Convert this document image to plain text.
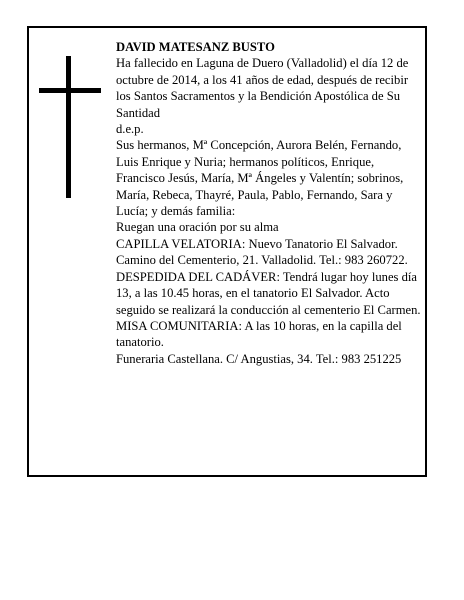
DAVID MATESANZ BUSTO

Ha fallecido en Laguna de Duero (Valladolid) el día 12 de octubre de 2014, a los 41 años de edad, después de recibir los Santos Sacramentos y la Bendición Apostólica de Su Santidad

d.e.p.

Sus hermanos, Mª Concepción, Aurora Belén, Fernando, Luis Enrique y Nuria; hermanos políticos, Enrique, Francisco Jesús, María, Mª Ángeles y Valentín; sobrinos, María, Rebeca, Thayré, Paula, Pablo, Fernando, Sara y Lucía; y demás familia:

Ruegan una oración por su alma

CAPILLA VELATORIA: Nuevo Tanatorio El Salvador. Camino del Cementerio, 21. Valladolid. Tel.: 983 260722.

DESPEDIDA DEL CADÁVER: Tendrá lugar hoy lunes día 13, a las 10.45 horas, en el tanatorio El Salvador. Acto seguido se realizará la conducción al cementerio El Carmen.

MISA COMUNITARIA: A las 10 horas, en la capilla del tanatorio.

Funeraria Castellana. C/ Angustias, 34. Tel.: 983 251225
